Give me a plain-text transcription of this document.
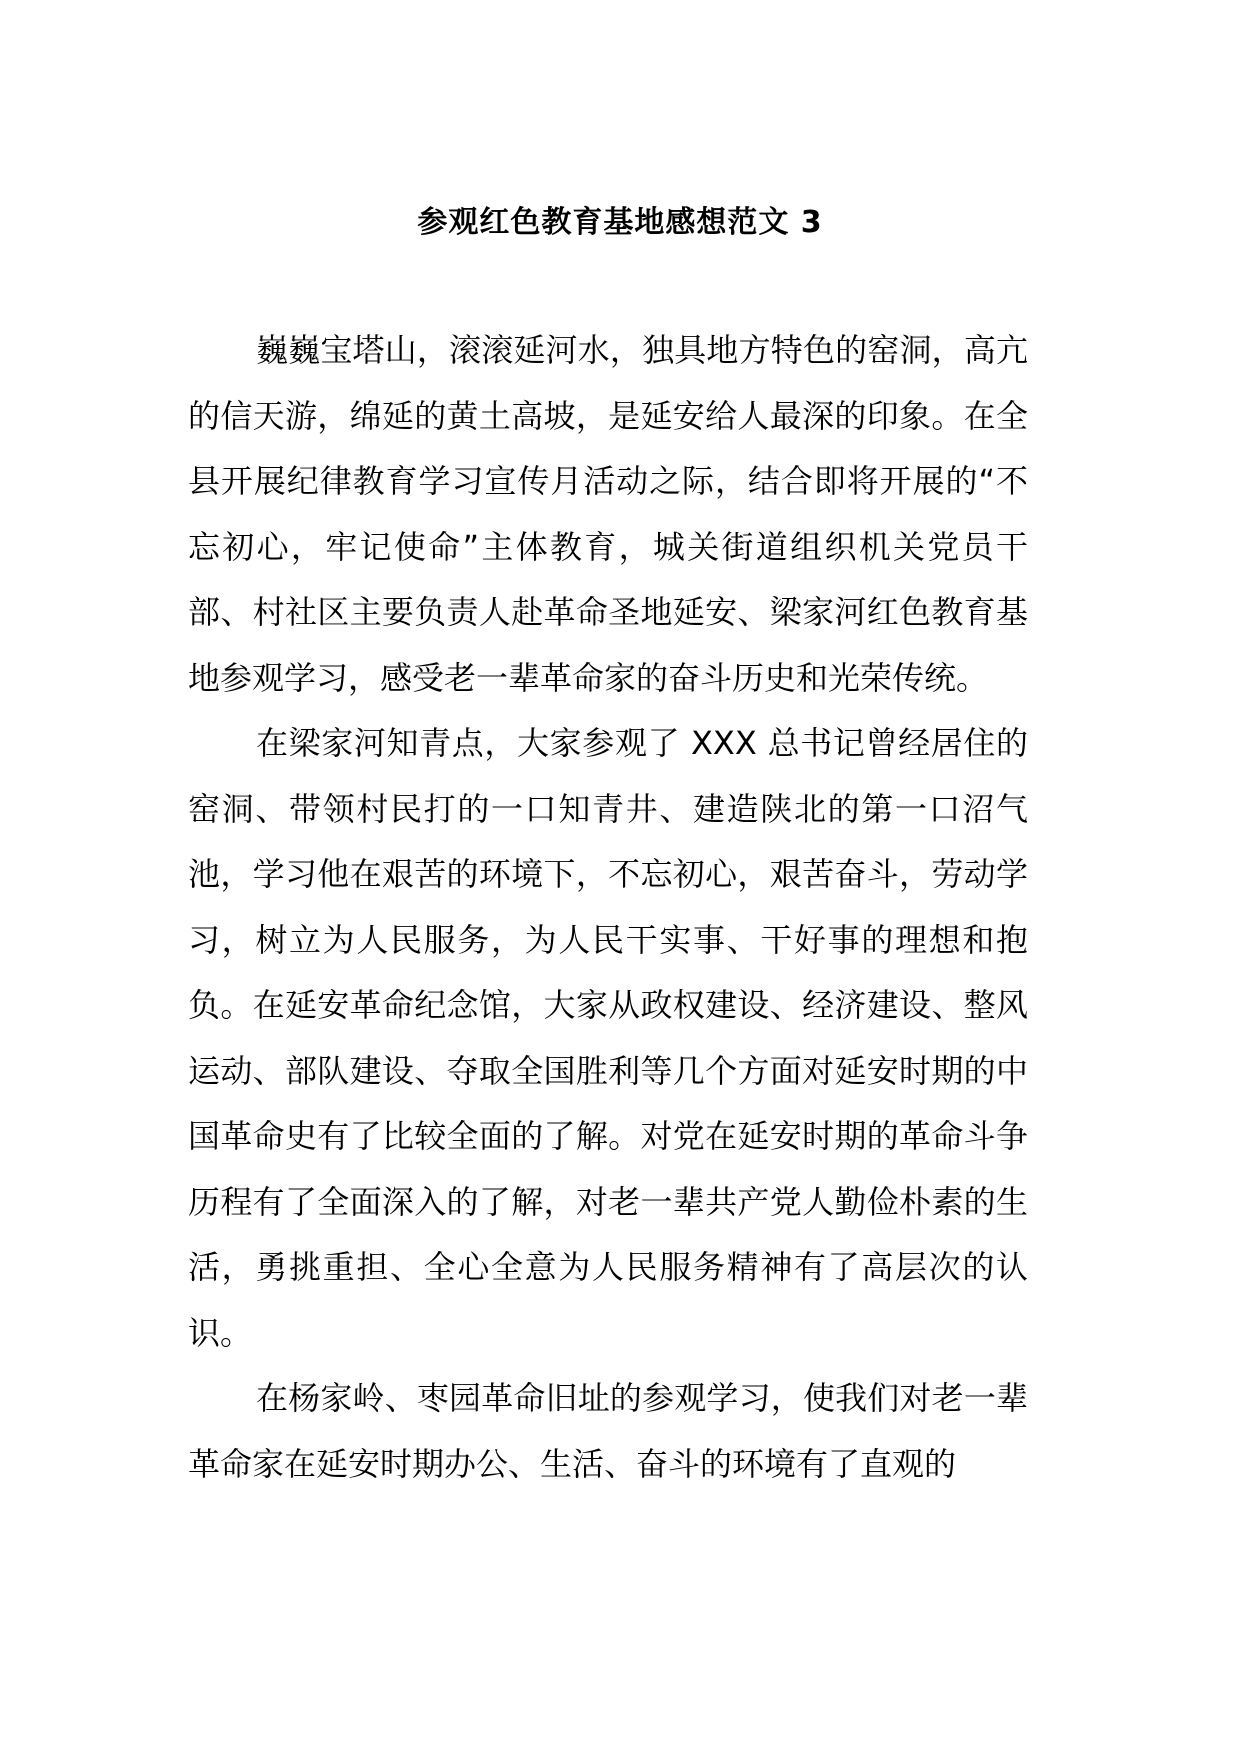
参观红色教育基地感想范文 3

巍巍宝塔山，滚滚延河水，独具地方特色的窑洞，高亢的信天游，绵延的黄土高坡，是延安给人最深的印象。在全县开展纪律教育学习宣传月活动之际，结合即将开展的“不忘初心，牢记使命”主体教育，城关街道组织机关党员干部、村社区主要负责人赴革命圣地延安、梁家河红色教育基地参观学习，感受老一辈革命家的奋斗历史和光荣传统。

在梁家河知青点，大家参观了 XXX 总书记曾经居住的窑洞、带领村民打的一口知青井、建造陕北的第一口沼气池，学习他在艰苦的环境下，不忘初心，艰苦奋斗，劳动学习，树立为人民服务，为人民干实事、干好事的理想和抱负。在延安革命纪念馆，大家从政权建设、经济建设、整风运动、部队建设、夺取全国胜利等几个方面对延安时期的中国革命史有了比较全面的了解。对党在延安时期的革命斗争历程有了全面深入的了解，对老一辈共产党人勤俭朴素的生活，勇挑重担、全心全意为人民服务精神有了高层次的认识。

在杨家岭、枣园革命旧址的参观学习，使我们对老一辈革命家在延安时期办公、生活、奋斗的环境有了直观的
